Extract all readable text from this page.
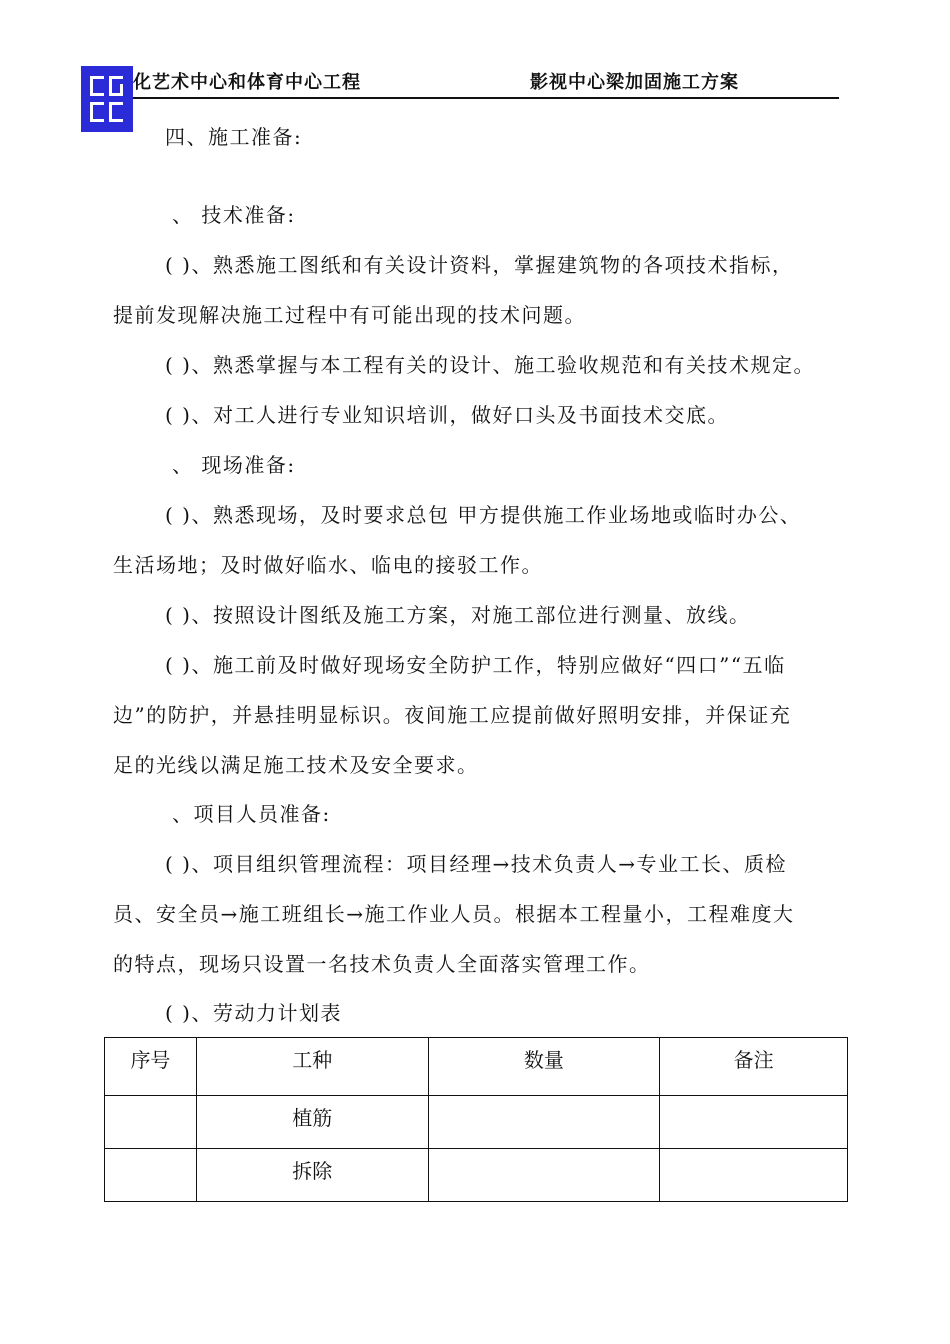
化艺术中心和体育中心工程	影视中心梁加固施工方案
四、施工准备:
、 技术准备:
( )、熟悉施工图纸和有关设计资料，掌握建筑物的各项技术指标，
提前发现解决施工过程中有可能出现的技术问题。
( )、熟悉掌握与本工程有关的设计、施工验收规范和有关技术规定。
( )、对工人进行专业知识培训，做好口头及书面技术交底。
、 现场准备:
( )、熟悉现场，及时要求总包 甲方提供施工作业场地或临时办公、
生活场地；及时做好临水、临电的接驳工作。
( )、按照设计图纸及施工方案，对施工部位进行测量、放线。
( )、施工前及时做好现场安全防护工作，特别应做好“四口”“五临
边”的防护，并悬挂明显标识。夜间施工应提前做好照明安排，并保证充
足的光线以满足施工技术及安全要求。
、项目人员准备:
( )、项目组织管理流程：项目经理→技术负责人→专业工长、质检
员、安全员→施工班组长→施工作业人员。根据本工程量小，工程难度大
的特点，现场只设置一名技术负责人全面落实管理工作。
( )、劳动力计划表
序号	工种	数量	备注
	植筋		
	拆除		
